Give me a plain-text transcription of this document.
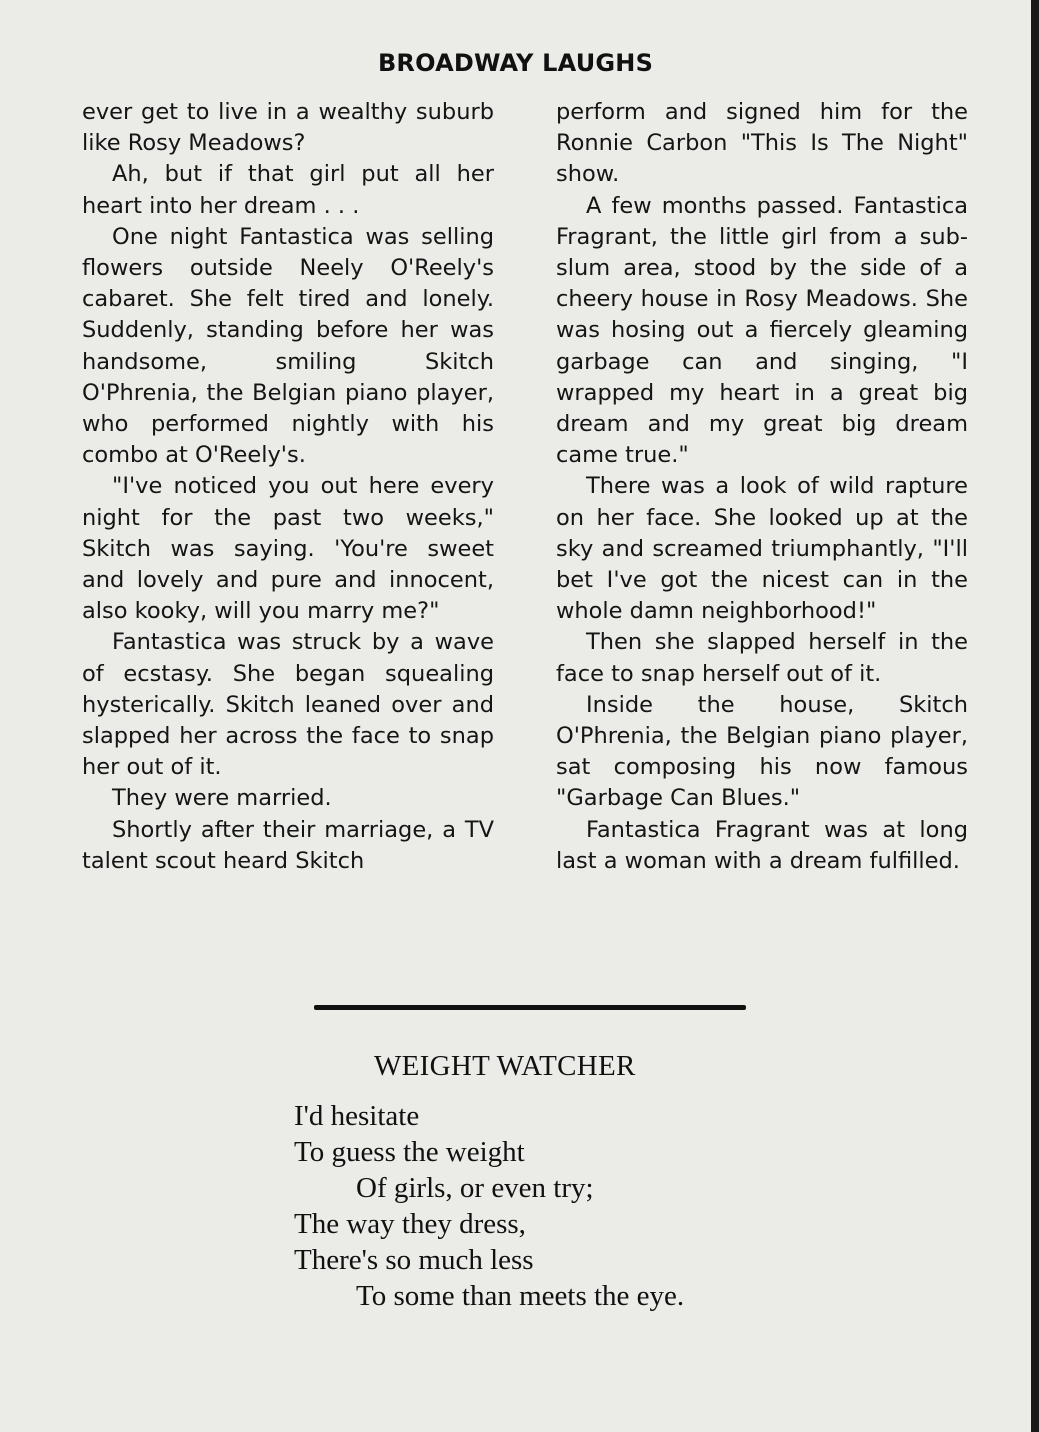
BROADWAY LAUGHS

ever get to live in a wealthy suburb like Rosy Meadows?

Ah, but if that girl put all her heart into her dream . . .

One night Fantastica was selling flowers outside Neely O'Reely's cabaret. She felt tired and lonely. Suddenly, standing before her was handsome, smiling Skitch O'Phrenia, the Belgian piano player, who performed nightly with his combo at O'Reely's.

"I've noticed you out here every night for the past two weeks," Skitch was saying. 'You're sweet and lovely and pure and innocent, also kooky, will you marry me?"

Fantastica was struck by a wave of ecstasy. She began squealing hysterically. Skitch leaned over and slapped her across the face to snap her out of it.

They were married.

Shortly after their marriage, a TV talent scout heard Skitch

perform and signed him for the Ronnie Carbon "This Is The Night" show.

A few months passed. Fantastica Fragrant, the little girl from a sub-slum area, stood by the side of a cheery house in Rosy Meadows. She was hosing out a fiercely gleaming garbage can and singing, "I wrapped my heart in a great big dream and my great big dream came true."

There was a look of wild rapture on her face. She looked up at the sky and screamed triumphantly, "I'll bet I've got the nicest can in the whole damn neighborhood!"

Then she slapped herself in the face to snap herself out of it.

Inside the house, Skitch O'Phrenia, the Belgian piano player, sat composing his now famous "Garbage Can Blues."

Fantastica Fragrant was at long last a woman with a dream fulfilled.

WEIGHT WATCHER
I'd hesitate
To guess the weight
Of girls, or even try;
The way they dress,
There's so much less
To some than meets the eye.
